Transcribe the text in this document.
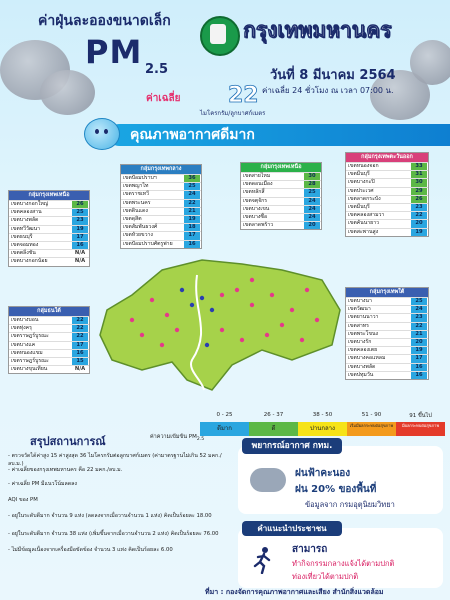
ค่าฝุ่นละอองขนาดเล็ก
PM 2.5
กรุงเทพมหานคร
วันที่ 8 มีนาคม 2564
ค่าเฉลี่ย 24 ชั่วโมง ณ เวลา 07:00 น.
ค่าเฉลี่ย 22
ไมโครกรัม/ลูกบาศก์เมตร
คุณภาพอากาศดีมาก
กลุ่มกรุงเทพเหนือ
เขตบางกอกใหญ่	26
เขตคลองสาน	25
เขตบางพลัด	23
เขตทวีวัฒนา	19
เขตธนบุรี	17
เขตจอมทอง	16
เขตตลิ่งชัน	N/A
เขตบางกอกน้อย	N/A
กลุ่มกรุงเทพกลาง
เขตป้อมปราบฯ	36
เขตพญาไท	25
เขตราชเทวี	24
เขตพระนคร	22
เขตดินแดง	21
เขตดุสิต	19
เขตสัมพันธวงศ์	18
เขตห้วยขวาง	17
เขตป้อมปราบศัตรูพ่าย	16
กลุ่มกรุงเทพเหนือ
เขตสายไหม	30
เขตดอนเมือง	28
เขตหลักสี่	25
เขตจตุจักร	24
เขตบางเขน	24
เขตบางซื่อ	24
เขตลาดพร้าว	20
กลุ่มกรุงเทพตะวันออก
เขตหนองจอก	33
เขตมีนบุรี	31
เขตบางกะปิ	30
เขตประเวศ	29
เขตลาดกระบัง	26
เขตมีนบุรี	23
เขตคลองสามวา	22
เขตคันนายาว	20
เขตสะพานสูง	19
กลุ่มธนใต้
เขตบางบอน	22
เขตทุ่งครุ	22
เขตราษฎร์บูรณะ	22
เขตบางแค	17
เขตหนองแขม	16
เขตราษฎร์บูรณะ	15
เขตบางขุนเทียน	N/A
กลุ่มกรุงเทพใต้
เขตบางนา	25
เขตวัฒนา	24
เขตยานนาวา	23
เขตสาทร	22
เขตพระโขนง	21
เขตบางรัก	20
เขตคลองเตย	19
เขตบางคอแหลม	17
เขตบางพลัด	16
เขตปทุมวัน	16
ค่าความเข้มข้น $PM_{2.5}$
0 - 25	26 - 37	38 - 50	51 - 90	91 ขึ้นไป
ดีมาก	ดี	ปานกลาง	เริ่มมีผลกระทบต่อสุขภาพ	มีผลกระทบต่อสุขภาพ
สรุปสถานการณ์
- ตรวจวัดได้ค่าสูง 15 ค่าสูงสุด 36 ไมโครกรัมต่อลูกบาศก์เมตร (ค่ามาตรฐานไม่เกิน 52 มคก./ลบ.ม.)
- ค่าเฉลี่ยของกรุงเทพมหานคร คือ 22 มคก./ลบ.ม.
- ค่าเฉลี่ย PM มีแนวโน้มลดลง
AQI ของ PM
- อยู่ในระดับดีมาก จำนวน 9 แห่ง (ลดลงจากเมื่อวานจำนวน 1 แห่ง) คิดเป็นร้อยละ 18.00
- อยู่ในระดับดีมาก จำนวน 38 แห่ง (เพิ่มขึ้นจากเมื่อวานจำนวน 2 แห่ง) คิดเป็นร้อยละ 76.00
- ไม่มีข้อมูลเนื่องจากเครื่องมือขัดข้อง จำนวน 3 แห่ง คิดเป็นร้อยละ 6.00
พยากรณ์อากาศ กทม.
ฝนฟ้าคะนอง
ฝน 20% ของพื้นที่
ข้อมูลจาก กรมอุตุนิยมวิทยา
คำแนะนำประชาชน
สามารถ
ทำกิจกรรมกลางแจ้งได้ตามปกติ
ท่องเที่ยวได้ตามปกติ
ที่มา : กองจัดการคุณภาพอากาศและเสียง สำนักสิ่งแวดล้อม
